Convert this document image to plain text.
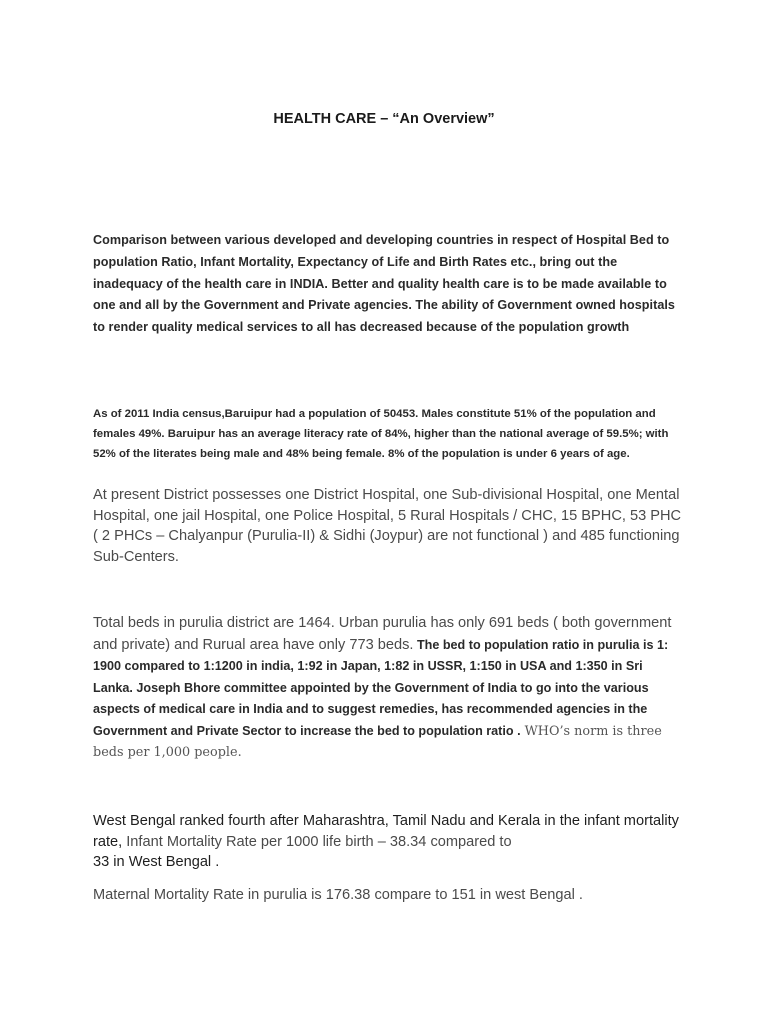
HEALTH CARE – “An Overview”

Comparison between various developed and developing countries in respect of Hospital Bed to population Ratio, Infant Mortality, Expectancy of Life and Birth Rates etc., bring out the inadequacy of the health care in INDIA. Better and quality health care is to be made available to one and all by the Government and Private agencies. The ability of Government owned hospitals to render quality medical services to all has decreased because of the population growth

As of 2011 India census,Baruipur had a population of 50453. Males constitute 51% of the population and females 49%. Baruipur has an average literacy rate of 84%, higher than the national average of 59.5%; with 52% of the literates being male and 48% being female. 8% of the population is under 6 years of age.

At present District possesses one District Hospital, one Sub-divisional Hospital, one Mental Hospital, one jail Hospital, one Police Hospital, 5 Rural Hospitals / CHC, 15 BPHC, 53 PHC ( 2 PHCs – Chalyanpur (Purulia-II) & Sidhi (Joypur) are not functional ) and 485 functioning Sub-Centers.

Total beds in purulia district are 1464. Urban purulia has only 691 beds ( both government and private) and Rurual area have only 773 beds. The bed to population ratio in purulia is 1: 1900 compared to 1:1200 in india, 1:92 in Japan, 1:82 in USSR, 1:150 in USA and 1:350 in Sri Lanka. Joseph Bhore committee appointed by the Government of India to go into the various aspects of medical care in India and to suggest remedies, has recommended agencies in the Government and Private Sector to increase the bed to population ratio . WHO’s norm is three beds per 1,000 people.

West Bengal ranked fourth after Maharashtra, Tamil Nadu and Kerala in the infant mortality rate, Infant Mortality Rate per 1000 life birth – 38.34 compared to
33 in West Bengal .

Maternal Mortality Rate in purulia is 176.38 compare to 151 in west Bengal .
